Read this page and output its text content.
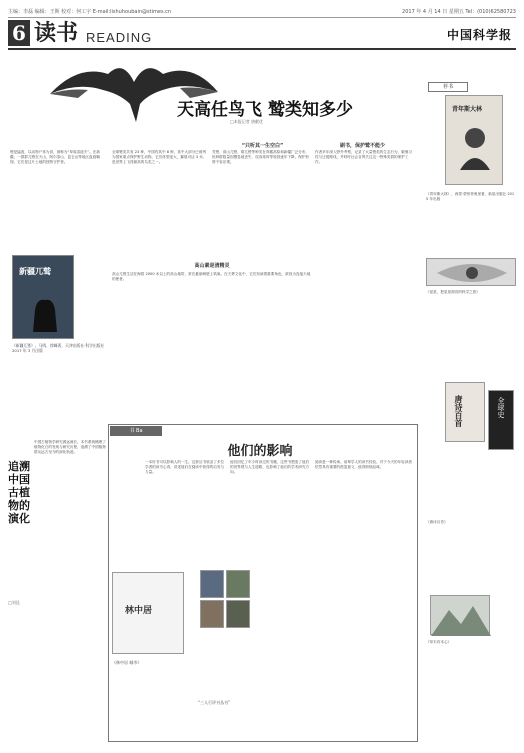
主编：李磊 编辑：王斯 校对：何工宇 E-mail:lishuhoubain@stimes.cn	2017 年 4 月 14 日 星期五 Tel：(010)62580723
6 读书 READING	中国科学报
天高任鸟飞 鹫类知多少
□本报记者 唐献优
鹫是猛禽，以动物尸体为食，被称为“草原清道夫”。在新疆，一群群兀鹫在天山、阿尔泰山、昆仑山等地区盘旋翱翔，它们是这片土地的独特守护者。
新疆兀鹫
《新疆兀鹫》，马鸣、徐峰著，天津出版社·科学出版社 2017 年 3 月出版
全球鹫类共有 23 种，中国有其中 8 种，其中大部分已被列为国家重点保护野生动物。它们体型庞大，翼展可达 3 米，是世界上飞得最高的鸟类之一。
“只听其一生空白”
秃鹫、高山兀鹫、胡兀鹫等种类在青藏高原和新疆广泛分布，但种群数量因栖息地丧失、误食毒饵等原因逐年下降，保护形势不容乐观。
刷书，保护鹫不能少
作者多年深入野外考察，记录了大量鹫类的生态行为、繁殖习性与迁徙路线，并呼吁社会各界关注这一特殊类群的保护工作。
高山素是清精灵
高山兀鹫生活在海拔 2000 米以上的高山地带，常在悬崖峭壁上筑巢。在天葬文化中，它们扮演着重要角色，被视为连接天地的使者。
中国古植物学研究源远流长，本书系统梳理了植物化石的发现与研究历程，追溯了中国植物群从远古至今的演化轨迹。
追溯中国古植物的演化
□刘昆
书 Ba
他们的影响
一本好书可以影响人的一生。这套丛书收录了多位学者的读书心得，讲述他们在阅读中获得的启发与力量。
他们回忆了年少时读过的书籍，这些书塑造了他们的世界观与人生道路，也影响了他们的学术研究方向。
阅读是一种传承。前辈学人的读书经验，对于今天的年轻读者依然具有重要的借鉴意义，值得细细品味。
林中居
《林中居 城市》
“三人行评书丛书”
荐书
青年斯大林
《青年斯大林》，西蒙·蒙蒂菲奥里著，新星出版社 2015 年出版
《星星，把星星照亮的科学之旅》
唐诗百首	全球史
《唐诗百首》
《草木有本心》
